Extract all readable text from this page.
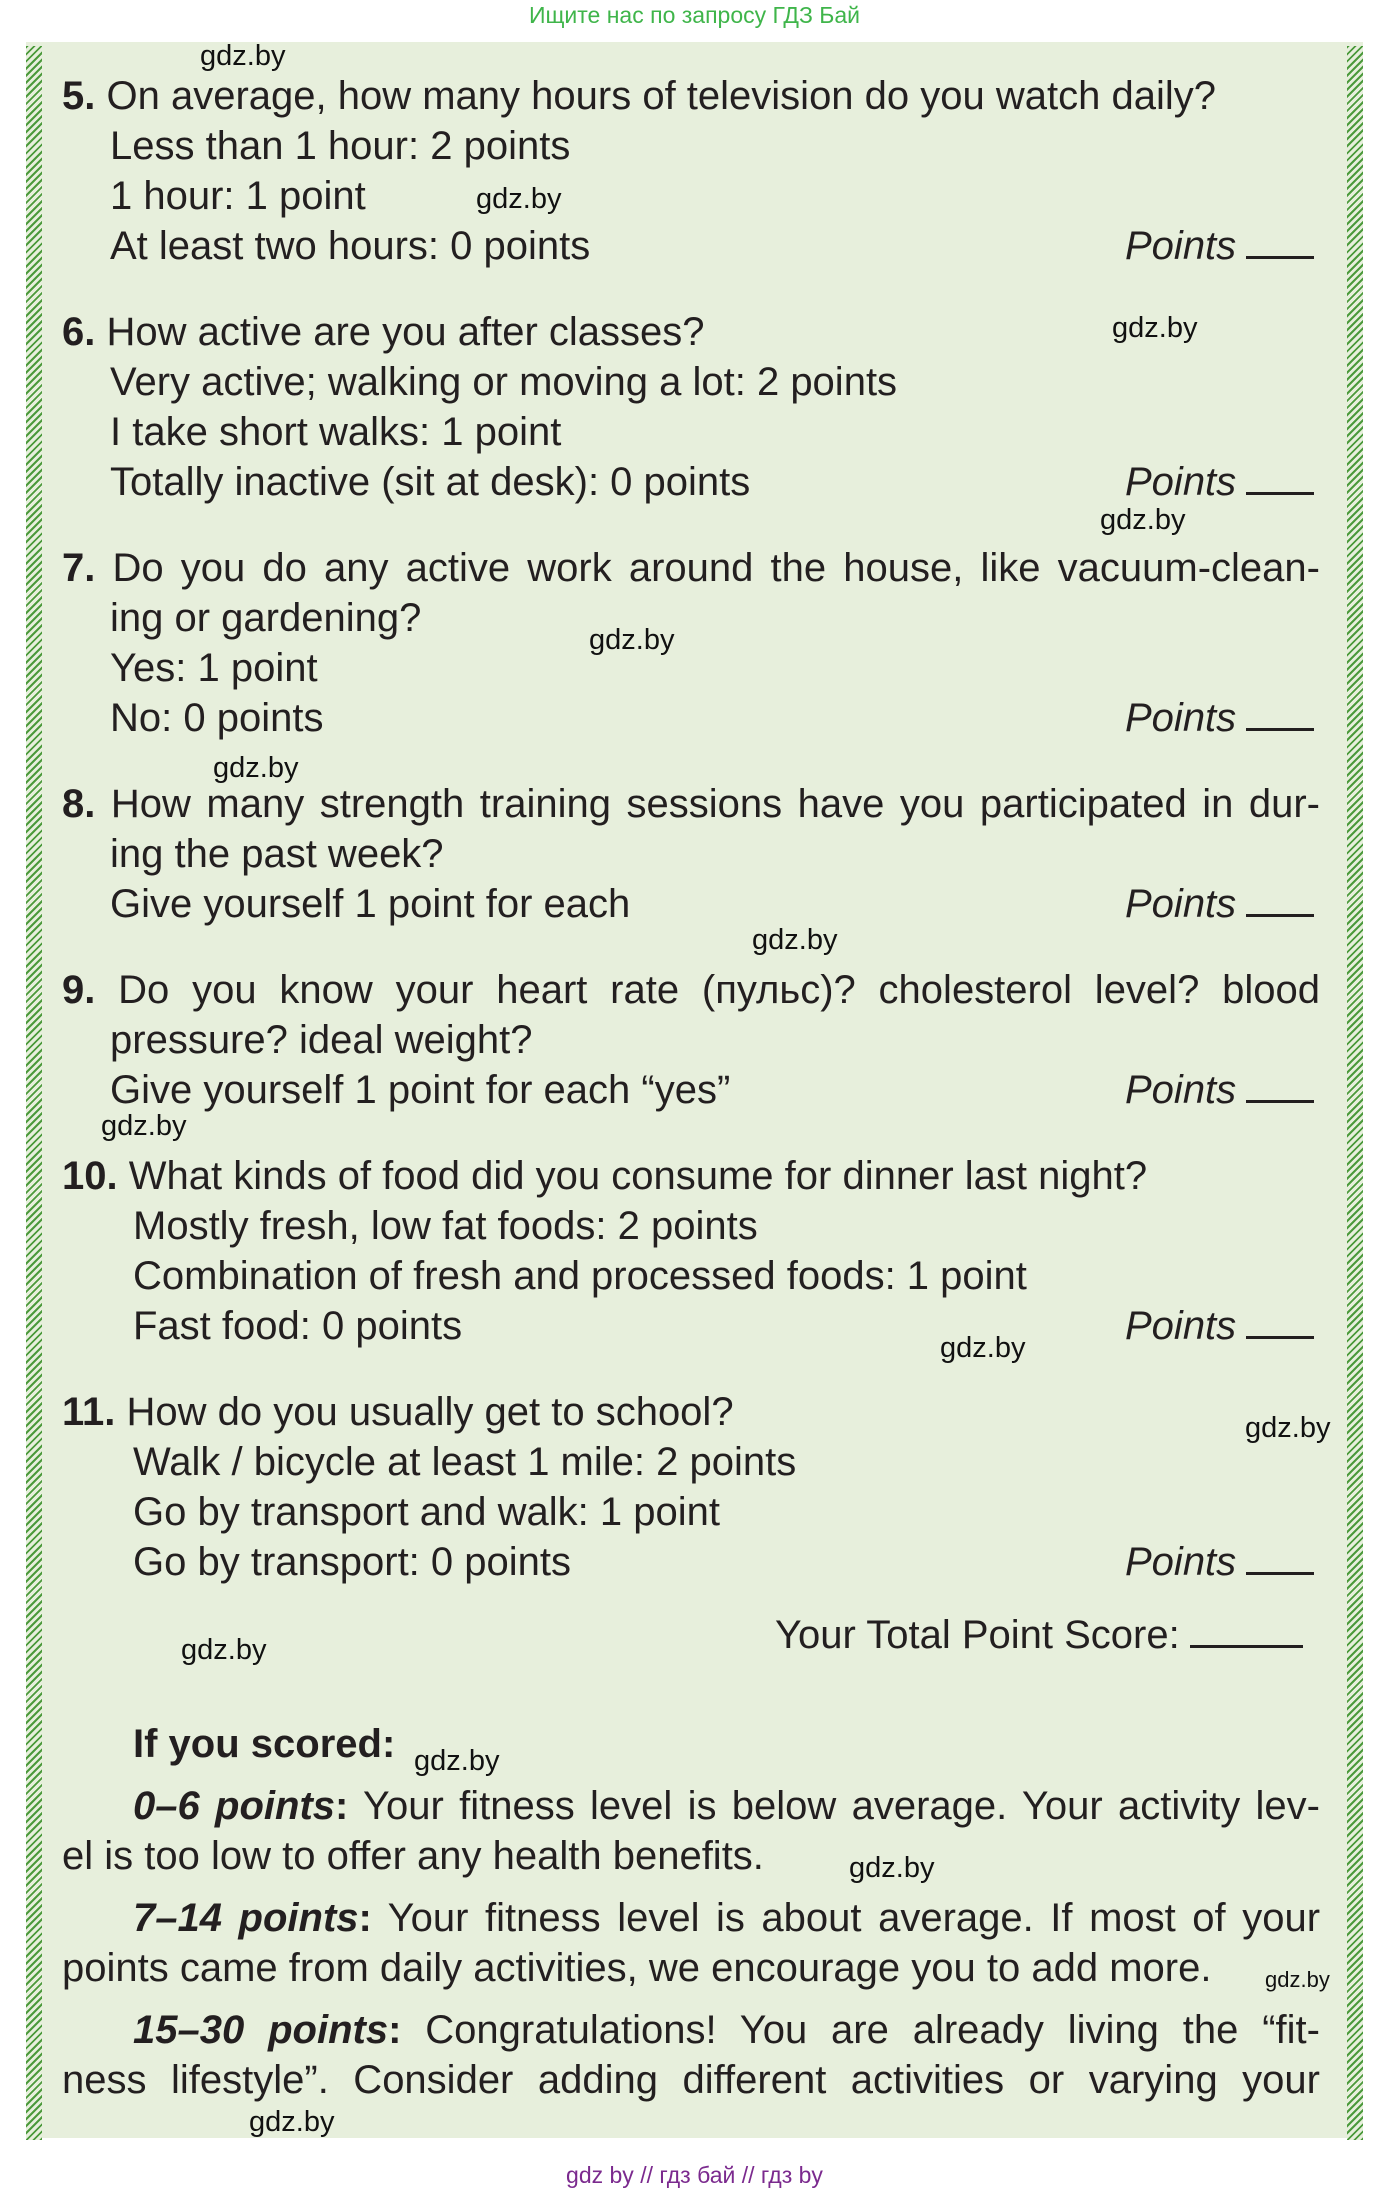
Ищите нас по запросу ГДЗ Бай
5. On average, how many hours of television do you watch daily?
Less than 1 hour: 2 points
1 hour: 1 point
At least two hours: 0 points	Points
6. How active are you after classes?
Very active; walking or moving a lot: 2 points
I take short walks: 1 point
Totally inactive (sit at desk): 0 points	Points
7. Do you do any active work around the house, like vacuum-clean-
ing or gardening?
Yes: 1 point
No: 0 points	Points
8. How many strength training sessions have you participated in dur-
ing the past week?
Give yourself 1 point for each	Points
9. Do you know your heart rate (пульс)? cholesterol level? blood
pressure? ideal weight?
Give yourself 1 point for each “yes”	Points
10. What kinds of food did you consume for dinner last night?
Mostly fresh, low fat foods: 2 points
Combination of fresh and processed foods: 1 point
Fast food: 0 points	Points
11. How do you usually get to school?
Walk / bicycle at least 1 mile: 2 points
Go by transport and walk: 1 point
Go by transport: 0 points	Points
Your Total Point Score:
If you scored:
0–6 points: Your fitness level is below average. Your activity lev-
el is too low to offer any health benefits.
7–14 points: Your fitness level is about average. If most of your
points came from daily activities, we encourage you to add more.
15–30 points: Congratulations! You are already living the “fit-
ness lifestyle”. Consider adding different activities or varying your
gdz.by
gdz.by
gdz.by
gdz.by
gdz.by
gdz.by
gdz.by
gdz.by
gdz.by
gdz.by
gdz.by
gdz.by
gdz.by
gdz.by
gdz.by
gdz by // гдз бай // гдз by
